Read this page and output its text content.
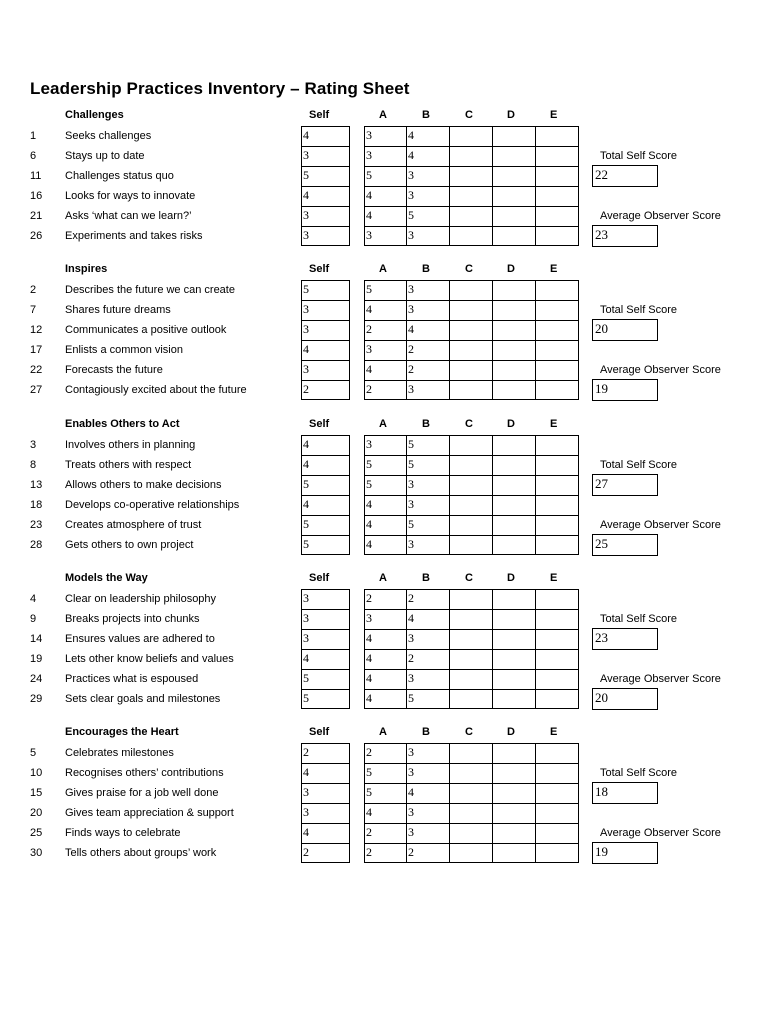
Leadership Practices Inventory – Rating Sheet
Challenges	Self	A	B	C	D	E
1	Seeks challenges	4	3	4
6	Stays up to date	3	3	4
11 Challenges status quo	5	5	3
16 Looks for ways to innovate	4	4	3
21 Asks ‘what can we learn?’	3	4	5
26 Experiments and takes risks	3	3	3
Total Self Score
22
Average Observer Score
23
Inspires	Self	A	B	C	D	E
2	Describes the future we can create	5	5	3
7	Shares future dreams	3	4	3
12 Communicates a positive outlook	3	2	4
17 Enlists a common vision	4	3	2
22 Forecasts the future	3	4	2
27 Contagiously excited about the future	2	2	3
Total Self Score
20
Average Observer Score
19
Enables Others to Act	Self	A	B	C	D	E
3	Involves others in planning	4	3	5
8	Treats others with respect	4	5	5
13 Allows others to make decisions	5	5	3
18 Develops co-operative relationships	4	4	3
23 Creates atmosphere of trust	5	4	5
28 Gets others to own project	5	4	3
Total Self Score
27
Average Observer Score
25
Models the Way	Self	A	B	C	D	E
4	Clear on leadership philosophy	3	2	2
9	Breaks projects into chunks	3	3	4
14 Ensures values are adhered to	3	4	3
19 Lets other know beliefs and values	4	4	2
24 Practices what is espoused	5	4	3
29 Sets clear goals and milestones	5	4	5
Total Self Score
23
Average Observer Score
20
Encourages the Heart	Self	A	B	C	D	E
5	Celebrates milestones	2	2	3
10 Recognises others’ contributions	4	5	3
15 Gives praise for a job well done	3	5	4
20 Gives team appreciation & support	3	4	3
25 Finds ways to celebrate	4	2	3
30 Tells others about groups’ work	2	2	2
Total Self Score
18
Average Observer Score
19
